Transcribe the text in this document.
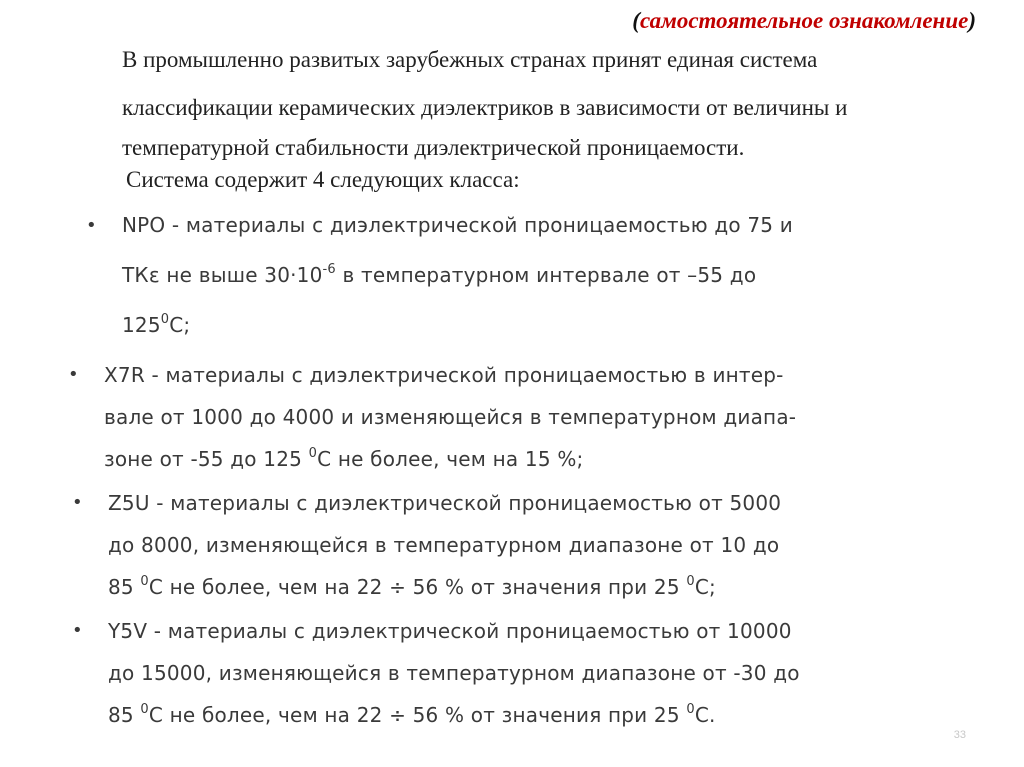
(самостоятельное ознакомление)

В промышленно развитых зарубежных странах принят единая система

классификации керамических диэлектриков в зависимости от величины и

температурной стабильности диэлектрической проницаемости.

Система содержит 4 следующих класса:
• NPO - материалы с диэлектрической проницаемостью до 75 и
ТКε не выше $30\cdot 10^{-6}$ в температурном интервале от –55 до
$125^0С$;
• X7R - материалы с диэлектрической проницаемостью в интер-
вале от 1000 до 4000 и изменяющейся в температурном диапа-
зоне от -55 до 125 $^0$С не более, чем на 15 %;
• Z5U - материалы с диэлектрической проницаемостью от 5000
до 8000, изменяющейся в температурном диапазоне от 10 до
85 $^0$С не более, чем на 22 ÷ 56 % от значения при 25 $^0$С;
• Y5V - материалы с диэлектрической проницаемостью от 10000
до 15000, изменяющейся в температурном диапазоне от -30 до
85 $^0$С не более, чем на 22 ÷ 56 % от значения при 25 $^0$С.
33
